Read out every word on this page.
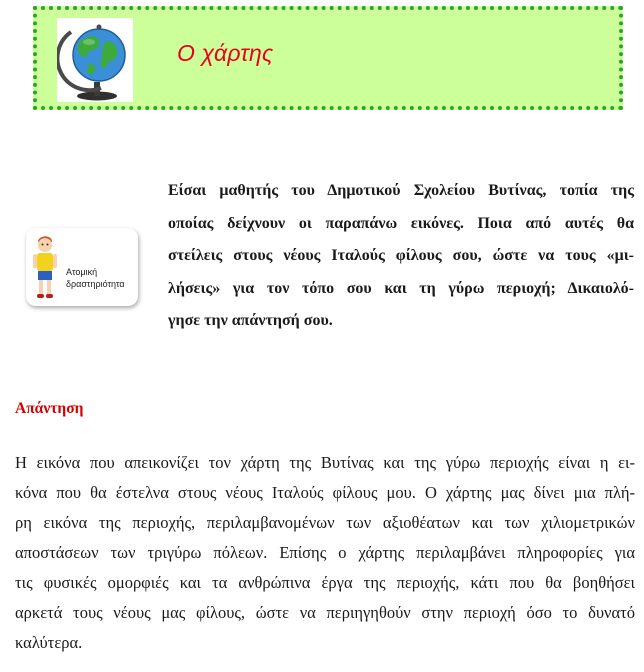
Ο χάρτης
Ατομική
δραστηριότητα
Είσαι μαθητής του Δημοτικού Σχολείου Βυτίνας, τοπία της
οποίας δείχνουν οι παραπάνω εικόνες. Ποια από αυτές θα
στείλεις στους νέους Ιταλούς φίλους σου, ώστε να τους «μι-
λήσεις» για τον τόπο σου και τη γύρω περιοχή; Δικαιολό-
γησε την απάντησή σου.
Απάντηση
Η εικόνα που απεικονίζει τον χάρτη της Βυτίνας και της γύρω περιοχής είναι η ει-
κόνα που θα έστελνα στους νέους Ιταλούς φίλους μου. Ο χάρτης μας δίνει μια πλή-
ρη εικόνα της περιοχής, περιλαμβανομένων των αξιοθέατων και των χιλιομετρικών
αποστάσεων των τριγύρω πόλεων. Επίσης ο χάρτης περιλαμβάνει πληροφορίες για
τις φυσικές ομορφιές και τα ανθρώπινα έργα της περιοχής, κάτι που θα βοηθήσει
αρκετά τους νέους μας φίλους, ώστε να περιηγηθούν στην περιοχή όσο το δυνατό
καλύτερα.
